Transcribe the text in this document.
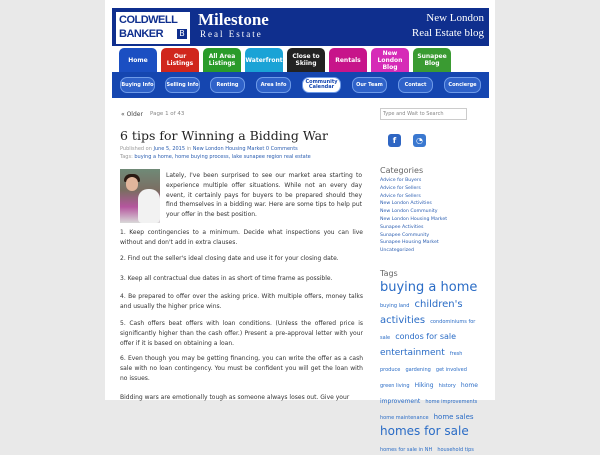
COLDWELL
BANKER B
Milestone
Real Estate
New London
Real Estate blog
Home	Our Listings
All Area Listings	Waterfront	Close to Skiing	Rentals
New London Blog
Sunapee Blog
Buying Info	Selling Info	Renting	Area Info	Community Calendar	Our Team	Contact	Concierge
« Older Page 1 of 43
6 tips for Winning a Bidding War
Published on June 5, 2015 in New London Housing Market 0 Comments
Tags: buying a home, home buying process, lake sunapee region real estate
Lately, I've been surprised to see our market area starting to experience multiple offer situations. While not an every day event, it certainly pays for buyers to be prepared should they find themselves in a bidding war. Here are some tips to help put your offer in the best position.
1. Keep contingencies to a minimum. Decide what inspections you can live without and don't add in extra clauses.
2. Find out the seller's ideal closing date and use it for your closing date.
3. Keep all contractual due dates in as short of time frame as possible.
4. Be prepared to offer over the asking price. With multiple offers, money talks and usually the higher price wins.
5. Cash offers beat offers with loan conditions. (Unless the offered price is significantly higher than the cash offer.) Present a pre-approval letter with your offer if it is based on obtaining a loan.
6. Even though you may be getting financing, you can write the offer as a cash sale with no loan contingency. You must be confident you will get the loan with no issues.
Bidding wars are emotionally tough as someone always loses out. Give your
Type and Wait to Search
f	◔
Categories
Advice for Buyers
Advice for Sellers
Advice for Sellers
New London Activities
New London Community
New London Housing Market
Sunapee Activities
Sunapee Community
Sunapee Housing Market
Uncategorized
Tags
buying a home buying land children's activities condominiums for sale condos for sale entertainment fresh produce gardening get involved green living Hiking history home improvement home improvements home maintenance home sales homes for sale homes for sale in NH household tips
